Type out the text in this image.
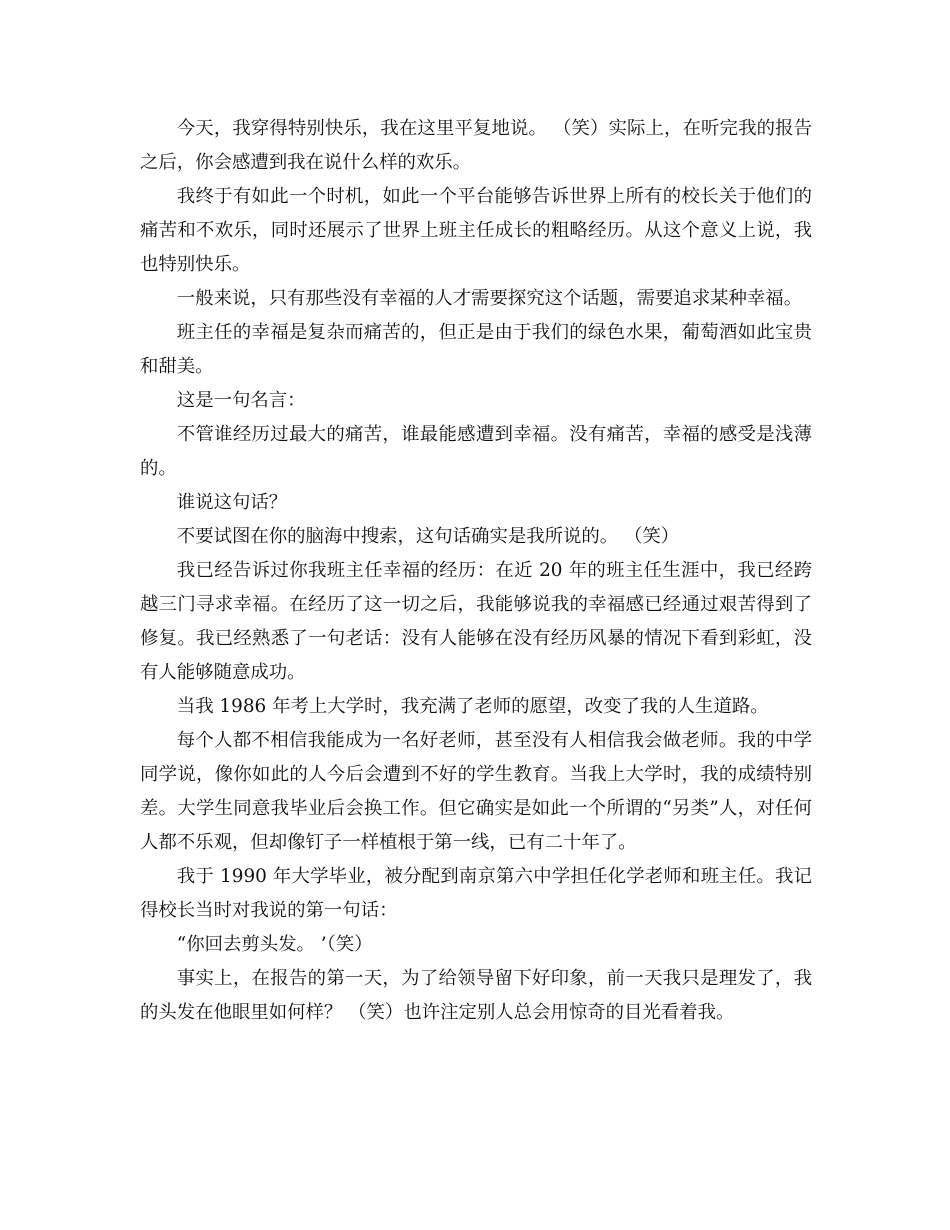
今天，我穿得特别快乐，我在这里平复地说。 （笑）实际上，在听完我的报告之后，你会感遭到我在说什么样的欢乐。

我终于有如此一个时机，如此一个平台能够告诉世界上所有的校长关于他们的痛苦和不欢乐，同时还展示了世界上班主任成长的粗略经历。从这个意义上说，我也特别快乐。

一般来说，只有那些没有幸福的人才需要探究这个话题，需要追求某种幸福。

班主任的幸福是复杂而痛苦的，但正是由于我们的绿色水果，葡萄酒如此宝贵和甜美。

这是一句名言：

不管谁经历过最大的痛苦，谁最能感遭到幸福。没有痛苦，幸福的感受是浅薄的。

谁说这句话？

不要试图在你的脑海中搜索，这句话确实是我所说的。 （笑）

我已经告诉过你我班主任幸福的经历：在近 20 年的班主任生涯中，我已经跨越三门寻求幸福。在经历了这一切之后，我能够说我的幸福感已经通过艰苦得到了修复。我已经熟悉了一句老话：没有人能够在没有经历风暴的情况下看到彩虹，没有人能够随意成功。

当我 1986 年考上大学时，我充满了老师的愿望，改变了我的人生道路。

每个人都不相信我能成为一名好老师，甚至没有人相信我会做老师。我的中学同学说，像你如此的人今后会遭到不好的学生教育。当我上大学时，我的成绩特别差。大学生同意我毕业后会换工作。但它确实是如此一个所谓的“另类”人，对任何人都不乐观，但却像钉子一样植根于第一线，已有二十年了。

我于 1990 年大学毕业，被分配到南京第六中学担任化学老师和班主任。我记得校长当时对我说的第一句话：

“你回去剪头发。 ’（笑）

事实上，在报告的第一天，为了给领导留下好印象，前一天我只是理发了，我的头发在他眼里如何样？ （笑）也许注定别人总会用惊奇的目光看着我。
